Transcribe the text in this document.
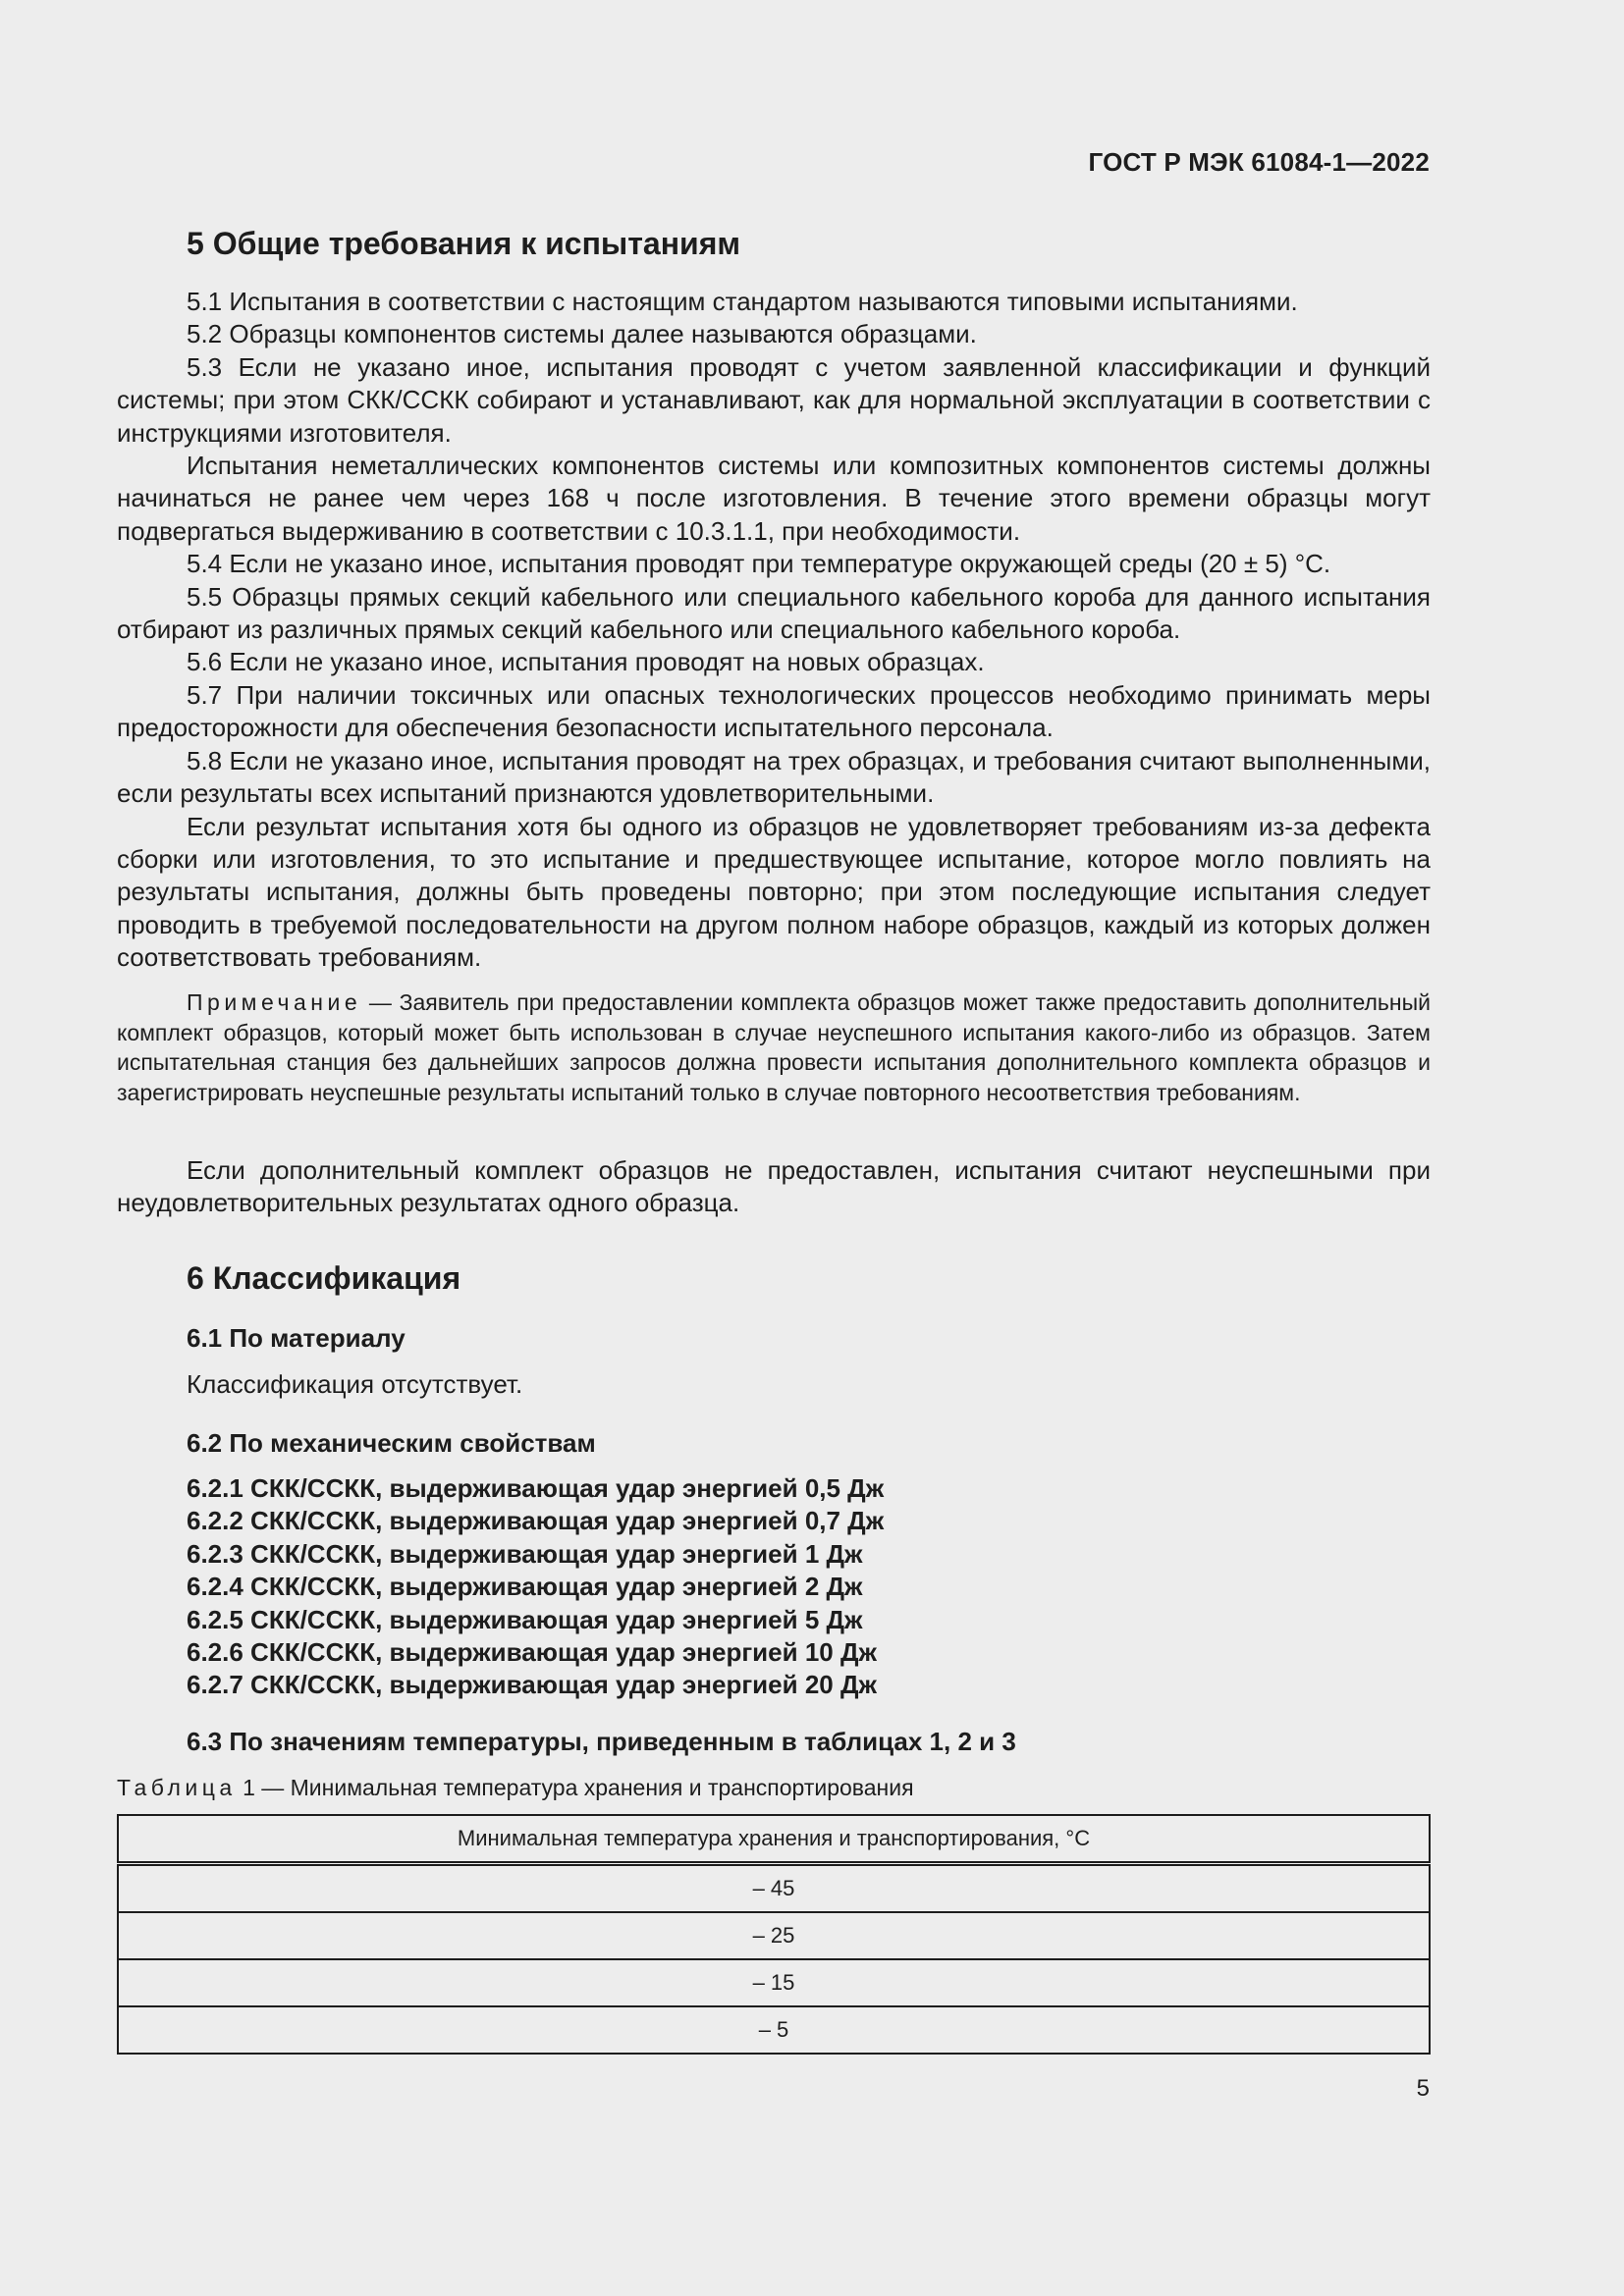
ГОСТ Р МЭК 61084-1—2022
5 Общие требования к испытаниям

5.1 Испытания в соответствии с настоящим стандартом называются типовыми испытаниями.

5.2 Образцы компонентов системы далее называются образцами.

5.3 Если не указано иное, испытания проводят с учетом заявленной классификации и функций системы; при этом СКК/ССКК собирают и устанавливают, как для нормальной эксплуатации в соответствии с инструкциями изготовителя.

Испытания неметаллических компонентов системы или композитных компонентов системы должны начинаться не ранее чем через 168 ч после изготовления. В течение этого времени образцы могут подвергаться выдерживанию в соответствии с 10.3.1.1, при необходимости.

5.4 Если не указано иное, испытания проводят при температуре окружающей среды (20 ± 5) °С.

5.5 Образцы прямых секций кабельного или специального кабельного короба для данного испытания отбирают из различных прямых секций кабельного или специального кабельного короба.

5.6 Если не указано иное, испытания проводят на новых образцах.

5.7 При наличии токсичных или опасных технологических процессов необходимо принимать меры предосторожности для обеспечения безопасности испытательного персонала.

5.8 Если не указано иное, испытания проводят на трех образцах, и требования считают выполненными, если результаты всех испытаний признаются удовлетворительными.

Если результат испытания хотя бы одного из образцов не удовлетворяет требованиям из-за дефекта сборки или изготовления, то это испытание и предшествующее испытание, которое могло повлиять на результаты испытания, должны быть проведены повторно; при этом последующие испытания следует проводить в требуемой последовательности на другом полном наборе образцов, каждый из которых должен соответствовать требованиям.

Примечание — Заявитель при предоставлении комплекта образцов может также предоставить дополнительный комплект образцов, который может быть использован в случае неуспешного испытания какого-либо из образцов. Затем испытательная станция без дальнейших запросов должна провести испытания дополнительного комплекта образцов и зарегистрировать неуспешные результаты испытаний только в случае повторного несоответствия требованиям.

Если дополнительный комплект образцов не предоставлен, испытания считают неуспешными при неудовлетворительных результатах одного образца.

6 Классификация
6.1 По материалу

Классификация отсутствует.

6.2 По механическим свойствам

6.2.1 СКК/ССКК, выдерживающая удар энергией 0,5 Дж

6.2.2 СКК/ССКК, выдерживающая удар энергией 0,7 Дж

6.2.3 СКК/ССКК, выдерживающая удар энергией 1 Дж

6.2.4 СКК/ССКК, выдерживающая удар энергией 2 Дж

6.2.5 СКК/ССКК, выдерживающая удар энергией 5 Дж

6.2.6 СКК/ССКК, выдерживающая удар энергией 10 Дж

6.2.7 СКК/ССКК, выдерживающая удар энергией 20 Дж

6.3 По значениям температуры, приведенным в таблицах 1, 2 и 3

Таблица 1 — Минимальная температура хранения и транспортирования

Минимальная температура хранения и транспортирования, °С
– 45
– 25
– 15
– 5
5
